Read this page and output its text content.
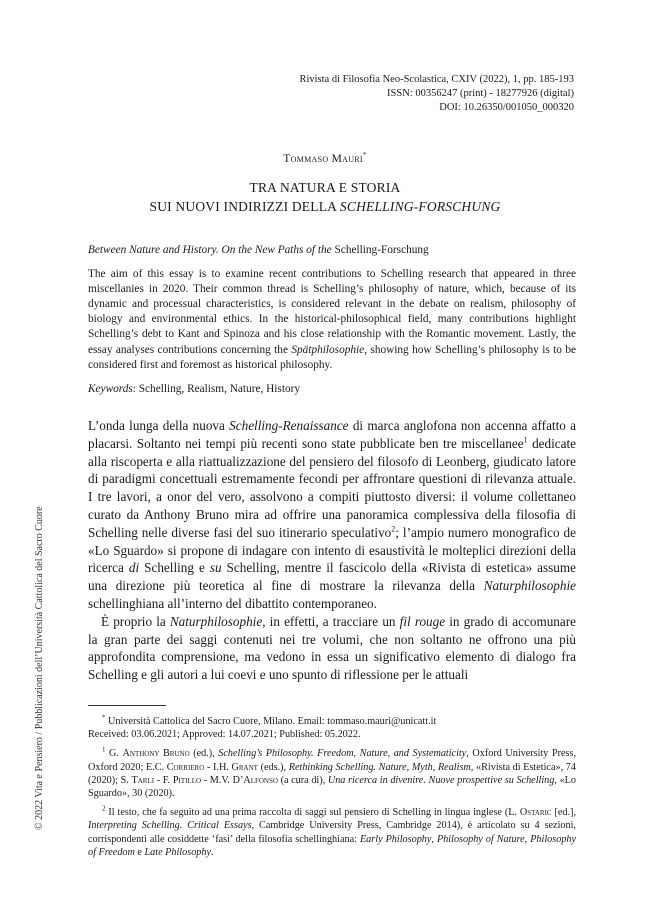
Rivista di Filosofia Neo-Scolastica, CXIV (2022), 1, pp. 185-193
ISSN: 00356247 (print) - 18277926 (digital)
DOI: 10.26350/001050_000320
Tommaso Mauri*
TRA NATURA E STORIA
SUI NUOVI INDIRIZZI DELLA SCHELLING-FORSCHUNG

Between Nature and History. On the New Paths of the Schelling-Forschung

The aim of this essay is to examine recent contributions to Schelling research that appeared in three miscellanies in 2020. Their common thread is Schelling’s philosophy of nature, which, because of its dynamic and processual characteristics, is considered relevant in the debate on realism, philosophy of biology and environmental ethics. In the historical-philosophical field, many contributions highlight Schelling’s debt to Kant and Spinoza and his close relationship with the Romantic movement. Lastly, the essay analyses contributions concerning the Spätphilosophie, showing how Schelling’s philosophy is to be considered first and foremost as historical philosophy.

Keywords: Schelling, Realism, Nature, History

L’onda lunga della nuova Schelling-Renaissance di marca anglofona non accenna affatto a placarsi. Soltanto nei tempi più recenti sono state pubblicate ben tre miscellanee$^1$ dedicate alla riscoperta e alla riattualizzazione del pensiero del filosofo di Leonberg, giudicato latore di paradigmi concettuali estremamente fecondi per affrontare questioni di rilevanza attuale. I tre lavori, a onor del vero, assolvono a compiti piuttosto diversi: il volume collettaneo curato da Anthony Bruno mira ad offrire una panoramica complessiva della filosofia di Schelling nelle diverse fasi del suo itinerario speculativo$^2$; l’ampio numero monografico de «Lo Sguardo» si propone di indagare con intento di esaustività le molteplici direzioni della ricerca di Schelling e su Schelling, mentre il fascicolo della «Rivista di estetica» assume una direzione più teoretica al fine di mostrare la rilevanza della Naturphilosophie schellinghiana all’interno del dibattito contemporaneo.

È proprio la Naturphilosophie, in effetti, a tracciare un fil rouge in grado di accomunare la gran parte dei saggi contenuti nei tre volumi, che non soltanto ne offrono una più approfondita comprensione, ma vedono in essa un significativo elemento di dialogo fra Schelling e gli autori a lui coevi e uno spunto di riflessione per le attuali

* Università Cattolica del Sacro Cuore, Milano. Email: tommaso.mauri@unicatt.it
Received: 03.06.2021; Approved: 14.07.2021; Published: 05.2022.

$^1$ G. Anthony Bruno (ed.), Schelling’s Philosophy. Freedom, Nature, and Systematicity, Oxford University Press, Oxford 2020; E.C. Corriero - I.H. Grant (eds.), Rethinking Schelling. Nature, Myth, Realism, «Rivista di Estetica», 74 (2020); S. Tarli - F. Pitillo - M.V. D’Alfonso (a cura di), Una ricerca in divenire. Nuove prospettive su Schelling, «Lo Sguardo», 30 (2020).

$^2$ Il testo, che fa seguito ad una prima raccolta di saggi sul pensiero di Schelling in lingua inglese (L. Ostaric [ed.], Interpreting Schelling. Critical Essays, Cambridge University Press, Cambridge 2014), è articolato su 4 sezioni, corrispondenti alle cosiddette ‘fasi’ della filosofia schellinghiana: Early Philosophy, Philosophy of Nature, Philosophy of Freedom e Late Philosophy.

© 2022 Vita e Pensiero / Pubblicazioni dell’Università Cattolica del Sacro Cuore
